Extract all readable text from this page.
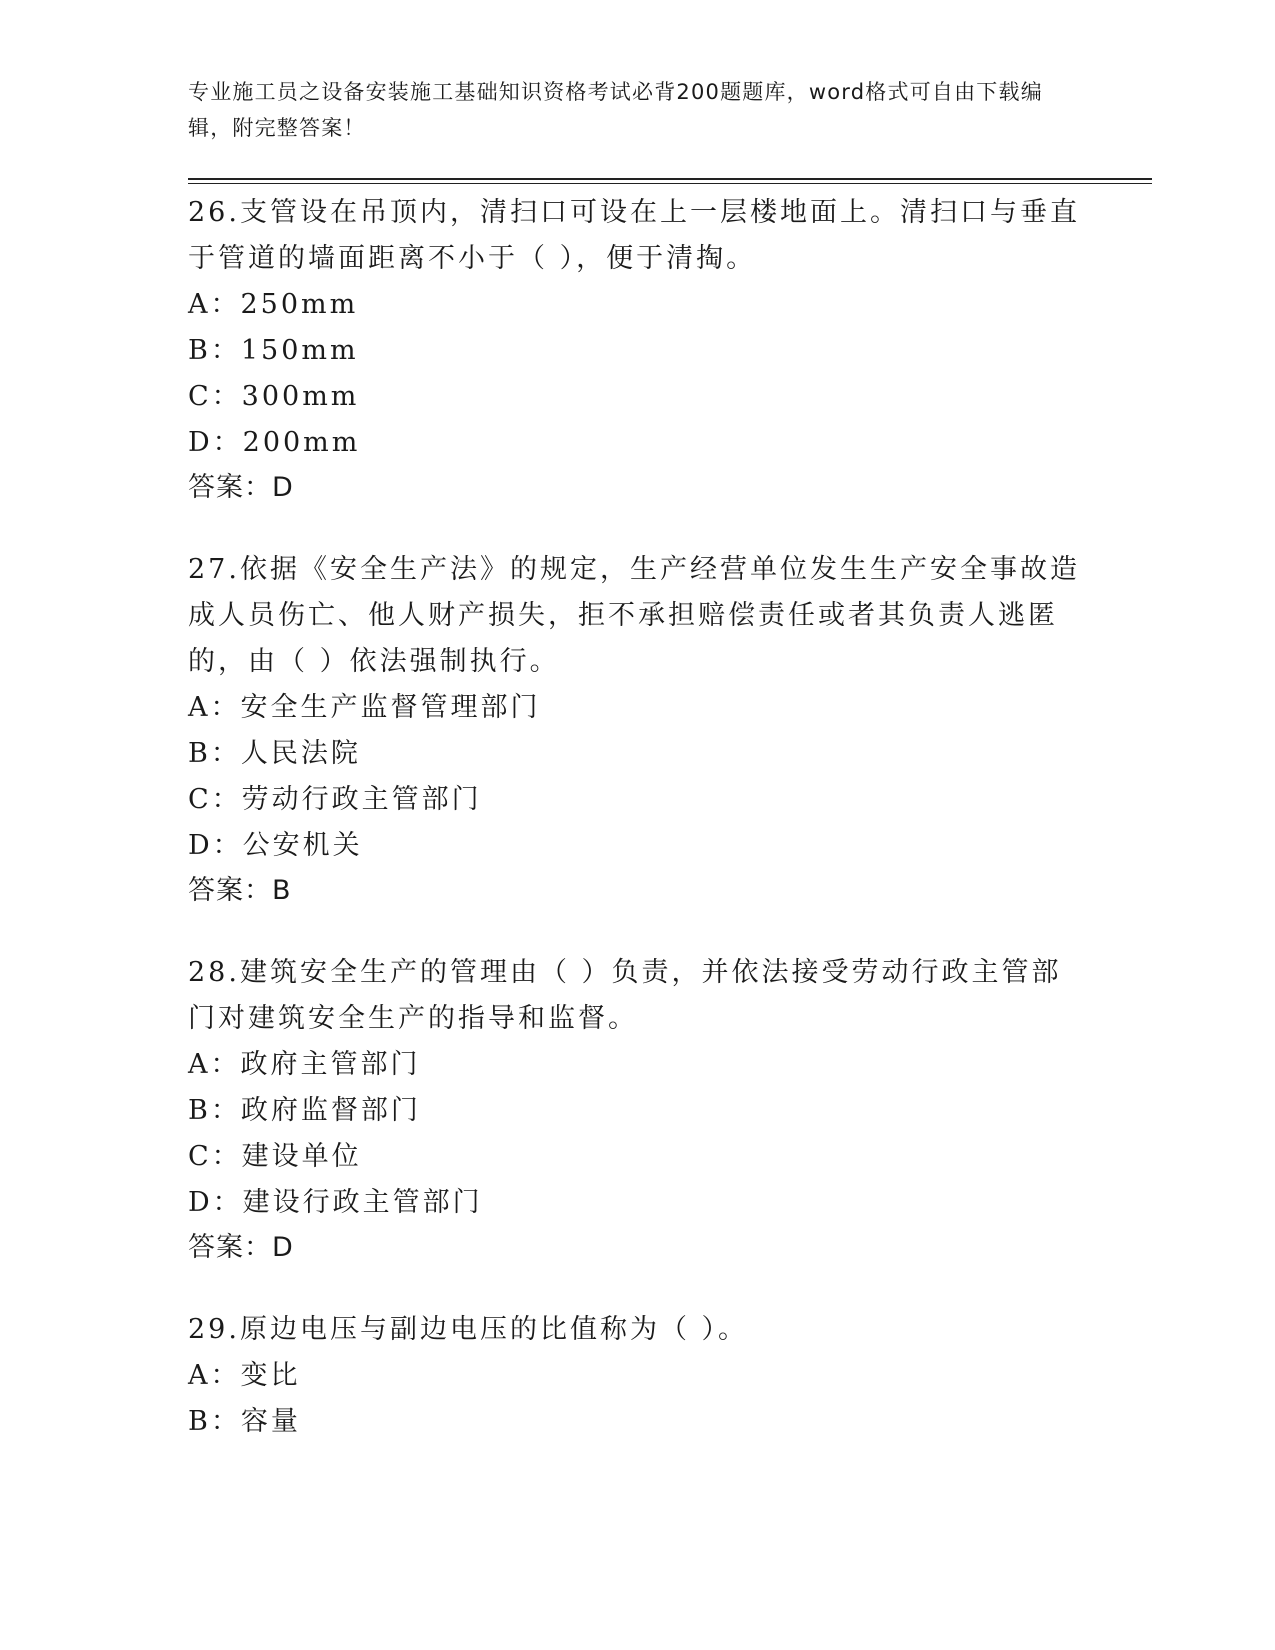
专业施工员之设备安装施工基础知识资格考试必背200题题库，word格式可自由下载编辑，附完整答案！

26.支管设在吊顶内，清扫口可设在上一层楼地面上。清扫口与垂直于管道的墙面距离不小于（ ），便于清掏。

A：250mm

B：150mm

C：300mm

D：200mm

答案：D

27.依据《安全生产法》的规定，生产经营单位发生生产安全事故造成人员伤亡、他人财产损失，拒不承担赔偿责任或者其负责人逃匿的，由（ ）依法强制执行。

A：安全生产监督管理部门

B：人民法院

C：劳动行政主管部门

D：公安机关

答案：B

28.建筑安全生产的管理由（ ）负责，并依法接受劳动行政主管部门对建筑安全生产的指导和监督。

A：政府主管部门

B：政府监督部门

C：建设单位

D：建设行政主管部门

答案：D

29.原边电压与副边电压的比值称为（ ）。

A：变比

B：容量
